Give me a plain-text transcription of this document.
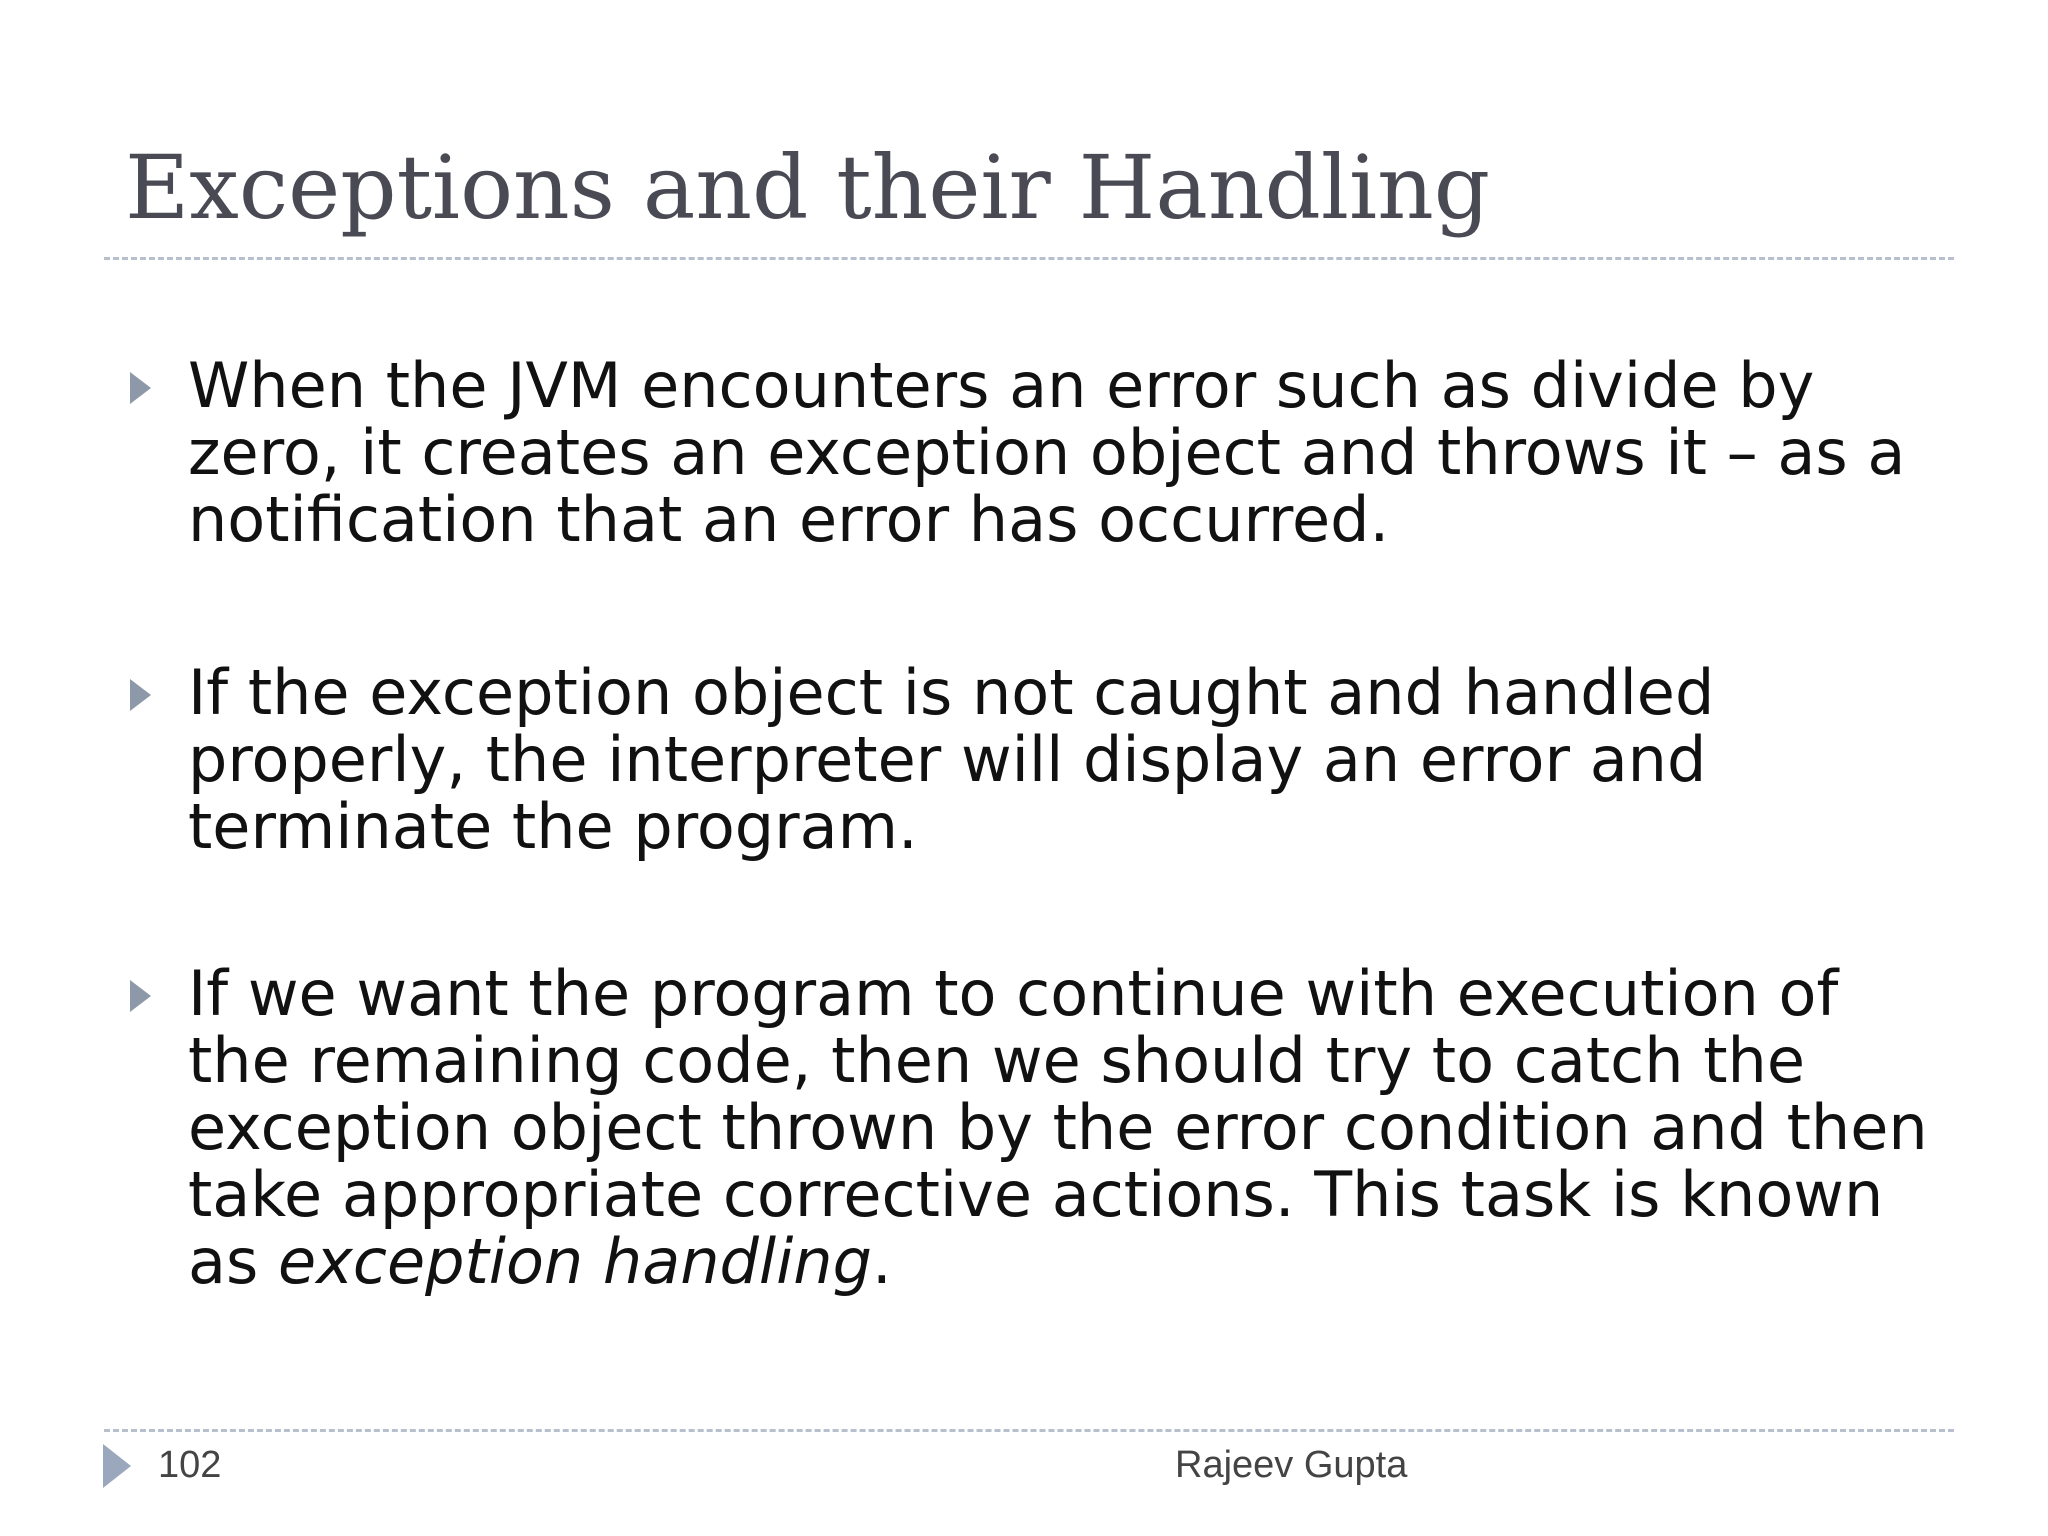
Exceptions and their Handling
When the JVM encounters an error such as divide by zero, it creates an exception object and throws it – as a notification that an error has occurred.
If the exception object is not caught and handled properly, the interpreter will display an error and terminate the program.
If we want the program to continue with execution of the remaining code, then we should try to catch the exception object thrown by the error condition and then take appropriate corrective actions. This task is known as exception handling.
102	Rajeev Gupta
